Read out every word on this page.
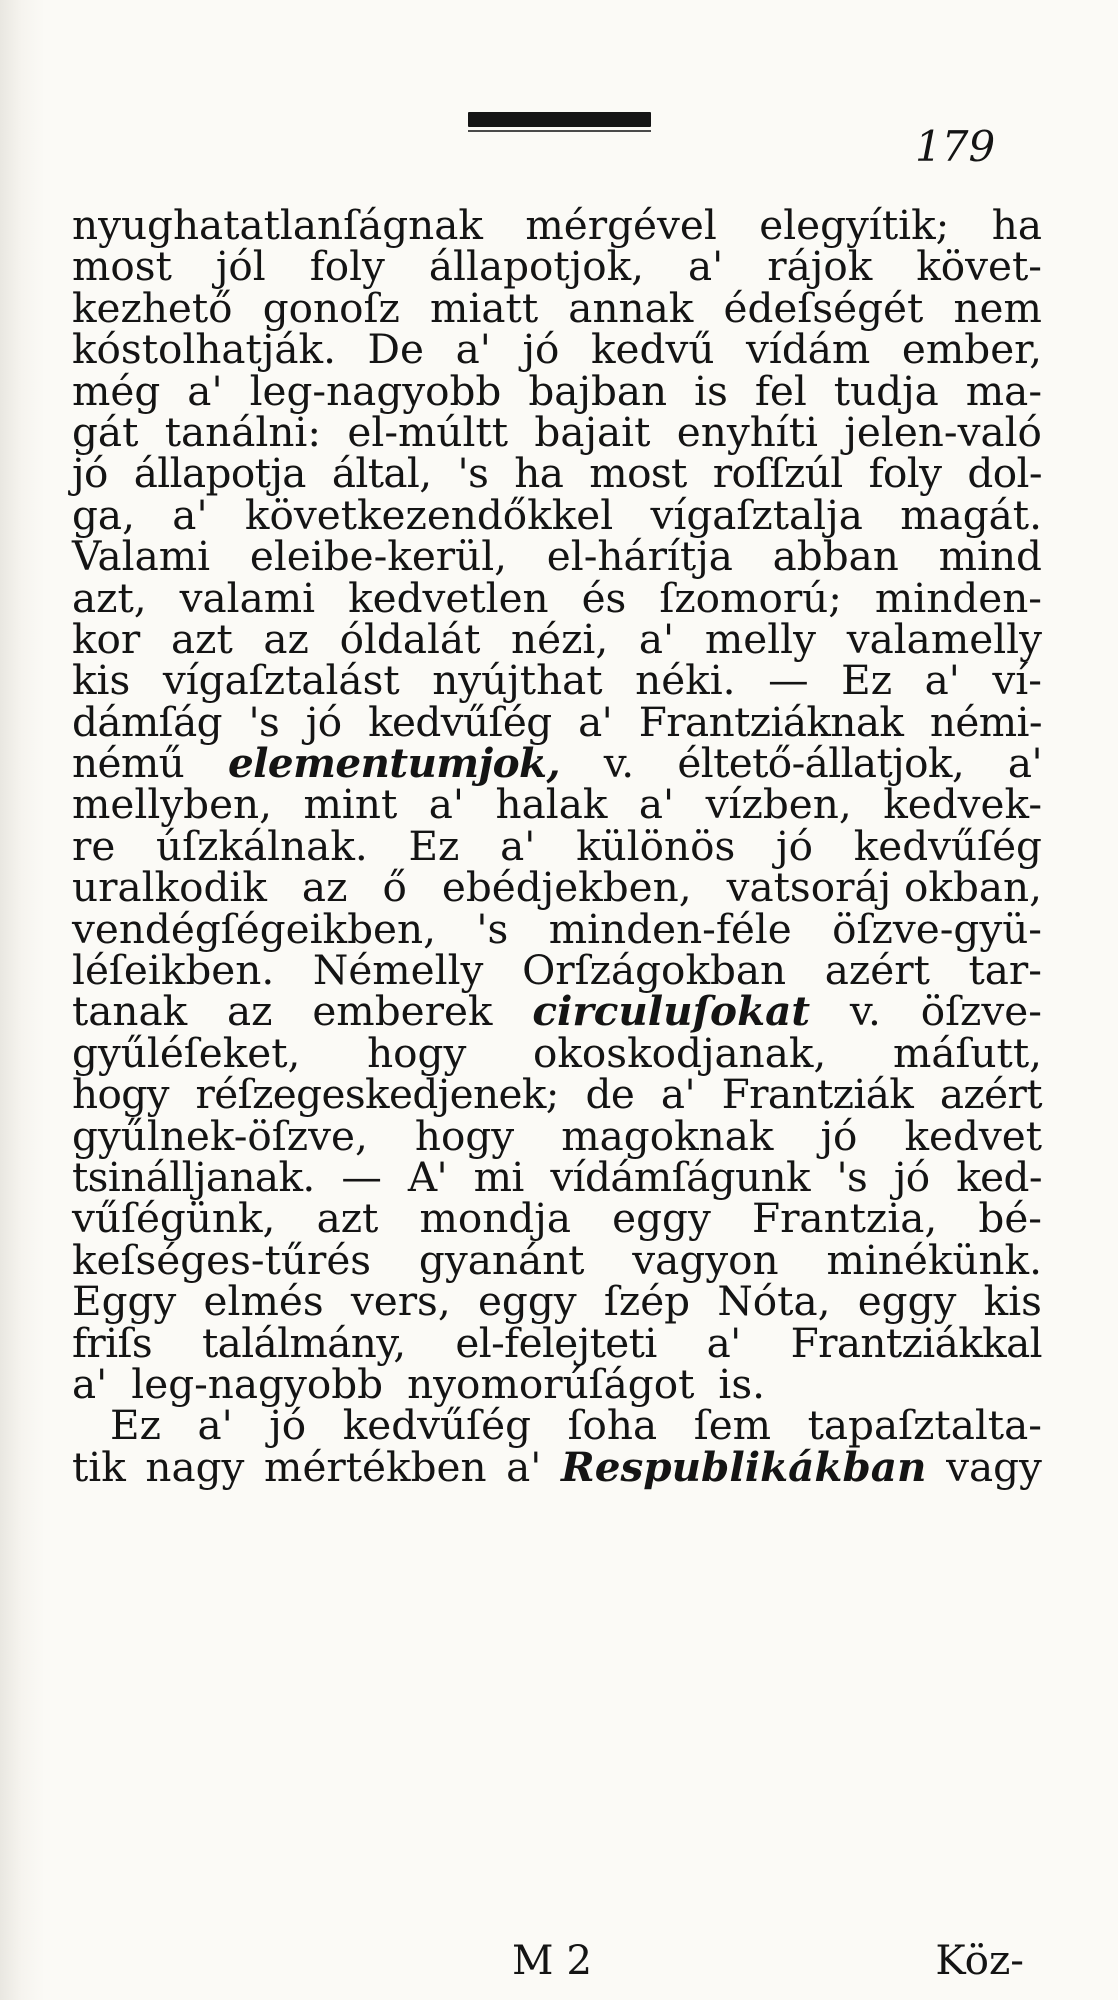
179
nyughatatlanſágnak mérgével elegyítik; ha
most jól foly állapotjok, a' rájok követ-
kezhető gonoſz miatt annak édeſségét nem
kóstolhatják. De a' jó kedvű vídám ember,
még a' leg-nagyobb bajban is fel tudja ma-
gát tanálni: el-múltt bajait enyhíti jelen-való
jó állapotja által, 's ha most roſſzúl foly dol-
ga, a' következendőkkel vígaſztalja magát.
Valami eleibe-kerül, el-hárítja abban mind
azt, valami kedvetlen és ſzomorú; minden-
kor azt az óldalát nézi, a' melly valamelly
kis vígaſztalást nyújthat néki. — Ez a' ví-
dámſág 's jó kedvűſég a' Frantziáknak némi-
némű elementumjok, v. éltető-állatjok, a'
mellyben, mint a' halak a' vízben, kedvek-
re úſzkálnak. Ez a' különös jó kedvűſég
uralkodik az ő ebédjekben, vatsoráj okban,
vendégſégeikben, 's minden-féle öſzve-gyü-
léſeikben. Némelly Orſzágokban azért tar-
tanak az emberek circuluſokat v. öſzve-
gyűléſeket, hogy okoskodjanak, máſutt,
hogy réſzegeskedjenek; de a' Frantziák azért
gyűlnek-öſzve, hogy magoknak jó kedvet
tsinálljanak. — A' mi vídámſágunk 's jó ked-
vűſégünk, azt mondja eggy Frantzia, bé-
keſséges-tűrés gyanánt vagyon minékünk.
Eggy elmés vers, eggy ſzép Nóta, eggy kis
friſs találmány, el-felejteti a' Frantziákkal
a' leg-nagyobb nyomorúſágot is.
Ez a' jó kedvűſég ſoha ſem tapaſztalta-
tik nagy mértékben a' Respublikákban vagy
M 2	Köz-
